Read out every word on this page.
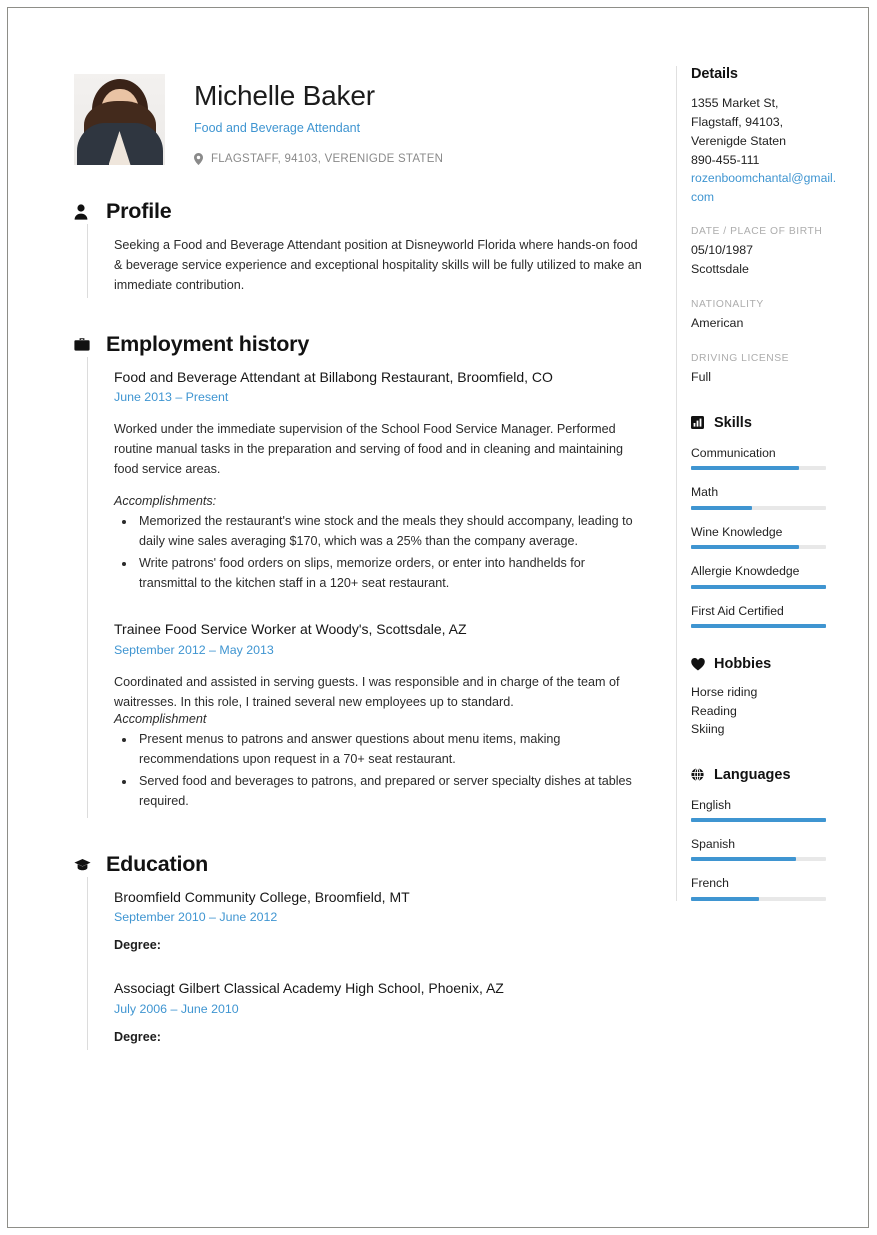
Michelle Baker
Food and Beverage Attendant
FLAGSTAFF, 94103, VERENIGDE STATEN
Profile

Seeking a Food and Beverage Attendant position at Disneyworld Florida where hands-on food & beverage service experience and exceptional hospitality skills will be fully utilized to make an immediate contribution.

Employment history
Food and Beverage Attendant at Billabong Restaurant, Broomfield, CO
June 2013 – Present
Worked under the immediate supervision of the School Food Service Manager. Performed routine manual tasks in the preparation and serving of food and in cleaning and maintaining food service areas.
Accomplishments:
• Memorized the restaurant's wine stock and the meals they should accompany, leading to daily wine sales averaging $170, which was a 25% than the company average.
• Write patrons' food orders on slips, memorize orders, or enter into handhelds for transmittal to the kitchen staff in a 120+ seat restaurant.
Trainee Food Service Worker at Woody's, Scottsdale, AZ
September 2012 – May 2013
Coordinated and assisted in serving guests. I was responsible and in charge of the team of waitresses. In this role, I trained several new employees up to standard.
Accomplishment
• Present menus to patrons and answer questions about menu items, making recommendations upon request in a 70+ seat restaurant.
• Served food and beverages to patrons, and prepared or server specialty dishes at tables required.
Education
Broomfield Community College, Broomfield, MT
September 2010 – June 2012
Degree:
Associagt Gilbert Classical Academy High School, Phoenix, AZ
July 2006 – June 2010
Degree:
Details
1355 Market St,
Flagstaff, 94103,
Verenigde Staten
890-455-111
rozenboomchantal@gmail.com
DATE / PLACE OF BIRTH
05/10/1987
Scottsdale
NATIONALITY
American
DRIVING LICENSE
Full
Skills
Communication
Math
Wine Knowledge
Allergie Knowdedge
First Aid Certified
Hobbies
Horse riding
Reading
Skiing
Languages
English
Spanish
French
